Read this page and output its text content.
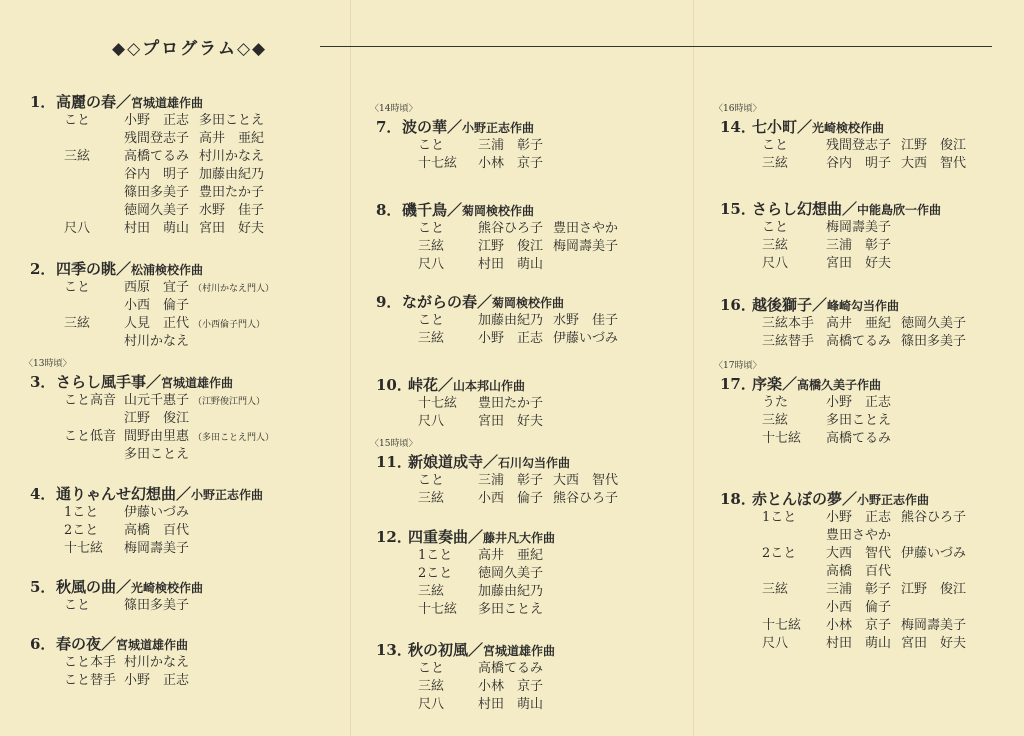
◆◇プログラム◇◆
1．高麗の春／宮城道雄作曲
こと	小野　正志 多田ことえ
残間登志子 高井　亜紀
三絃	高橋てるみ 村川かなえ
谷内　明子 加藤由紀乃
篠田多美子 豊田たか子
徳岡久美子 水野　佳子
尺八	村田　萌山 宮田　好夫
2．四季の眺／松浦検校作曲
こと	西原　宜子 （村川かなえ門人）
小西　倫子
三絃	人見　正代 （小西倫子門人）
村川かなえ
〈13時頃〉
3．さらし風手事／宮城道雄作曲
こと高音 山元千惠子 （江野俊江門人）
江野　俊江
こと低音 間野由里惠 （多田ことえ門人）
多田ことえ
4．通りゃんせ幻想曲／小野正志作曲
1こと 伊藤いづみ
2こと 高橋　百代
十七絃 梅岡壽美子
5．秋風の曲／光崎検校作曲
こと	篠田多美子
6．春の夜／宮城道雄作曲
こと本手 村川かなえ
こと替手 小野　正志
〈14時頃〉
7．波の華／小野正志作曲
こと	三浦　彰子
十七絃 小林　京子
8．磯千鳥／菊岡検校作曲
こと	熊谷ひろ子 豊田さやか
三絃	江野　俊江 梅岡壽美子
尺八	村田　萌山
9．ながらの春／菊岡検校作曲
こと	加藤由紀乃 水野　佳子
三絃	小野　正志 伊藤いづみ
10．峠花／山本邦山作曲
十七絃 豊田たか子
尺八	宮田　好夫
〈15時頃〉
11．新娘道成寺／石川勾当作曲
こと	三浦　彰子 大西　智代
三絃	小西　倫子 熊谷ひろ子
12．四重奏曲／藤井凡大作曲
1こと 高井　亜紀
2こと 徳岡久美子
三絃	加藤由紀乃
十七絃 多田ことえ
13．秋の初風／宮城道雄作曲
こと	高橋てるみ
三絃	小林　京子
尺八	村田　萌山
〈16時頃〉
14．七小町／光崎検校作曲
こと	残間登志子 江野　俊江
三絃	谷内　明子 大西　智代
15．さらし幻想曲／中能島欣一作曲
こと	梅岡壽美子
三絃	三浦　彰子
尺八	宮田　好夫
16．越後獅子／峰崎勾当作曲
三絃本手 高井　亜紀 徳岡久美子
三絃替手 高橋てるみ 篠田多美子
〈17時頃〉
17．序楽／高橋久美子作曲
うた	小野　正志
三絃	多田ことえ
十七絃 高橋てるみ
18．赤とんぼの夢／小野正志作曲
1こと 小野　正志 熊谷ひろ子
豊田さやか
2こと 大西　智代 伊藤いづみ
高橋　百代
三絃	三浦　彰子 江野　俊江
小西　倫子
十七絃 小林　京子 梅岡壽美子
尺八	村田　萌山 宮田　好夫
